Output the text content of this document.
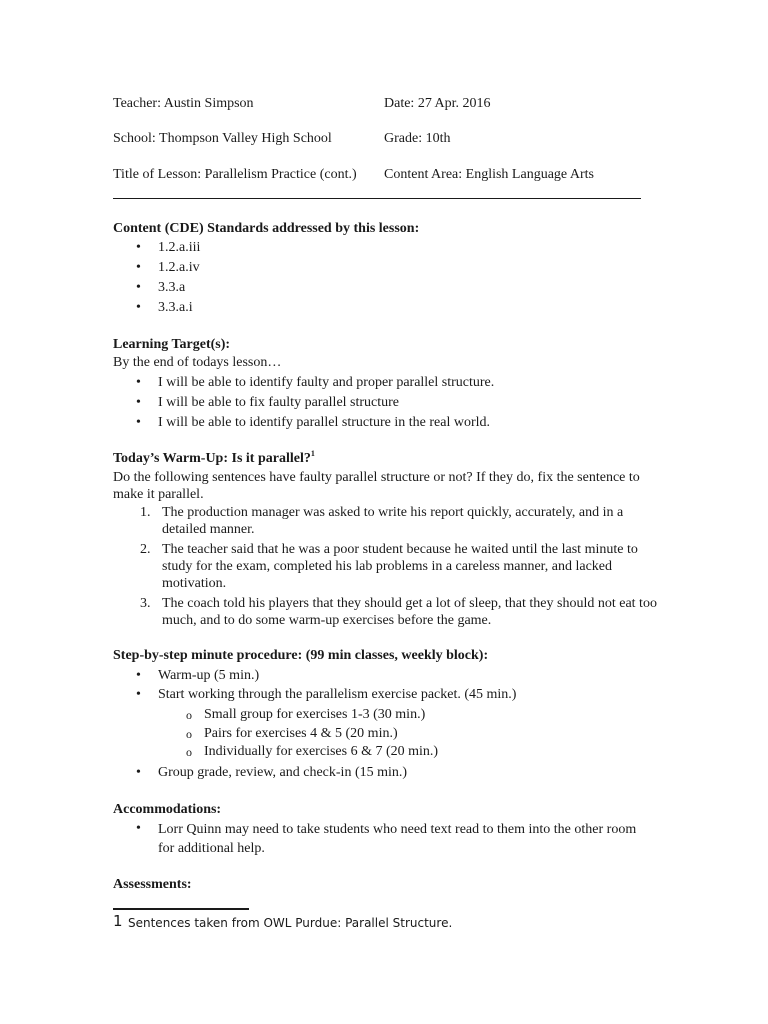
Teacher: Austin Simpson	Date: 27 Apr. 2016
School: Thompson Valley High School	Grade: 10th
Title of Lesson: Parallelism Practice (cont.) Content Area: English Language Arts
Content (CDE) Standards addressed by this lesson:
• 1.2.a.iii
• 1.2.a.iv
• 3.3.a
• 3.3.a.i
Learning Target(s):
By the end of todays lesson…
• I will be able to identify faulty and proper parallel structure.
• I will be able to fix faulty parallel structure
• I will be able to identify parallel structure in the real world.
Today’s Warm-Up: Is it parallel?$^1$
Do the following sentences have faulty parallel structure or not? If they do, fix the sentence to make it parallel.
1. The production manager was asked to write his report quickly, accurately, and in a detailed manner.
2. The teacher said that he was a poor student because he waited until the last minute to study for the exam, completed his lab problems in a careless manner, and lacked motivation.
3. The coach told his players that they should get a lot of sleep, that they should not eat too much, and to do some warm-up exercises before the game.
Step-by-step minute procedure: (99 min classes, weekly block):
• Warm-up (5 min.)
• Start working through the parallelism exercise packet. (45 min.)
o Small group for exercises 1-3 (30 min.)
o Pairs for exercises 4 & 5 (20 min.)
o Individually for exercises 6 & 7 (20 min.)
• Group grade, review, and check-in (15 min.)
Accommodations:
• Lorr Quinn may need to take students who need text read to them into the other room for additional help.
Assessments:
1 Sentences taken from OWL Purdue: Parallel Structure.
